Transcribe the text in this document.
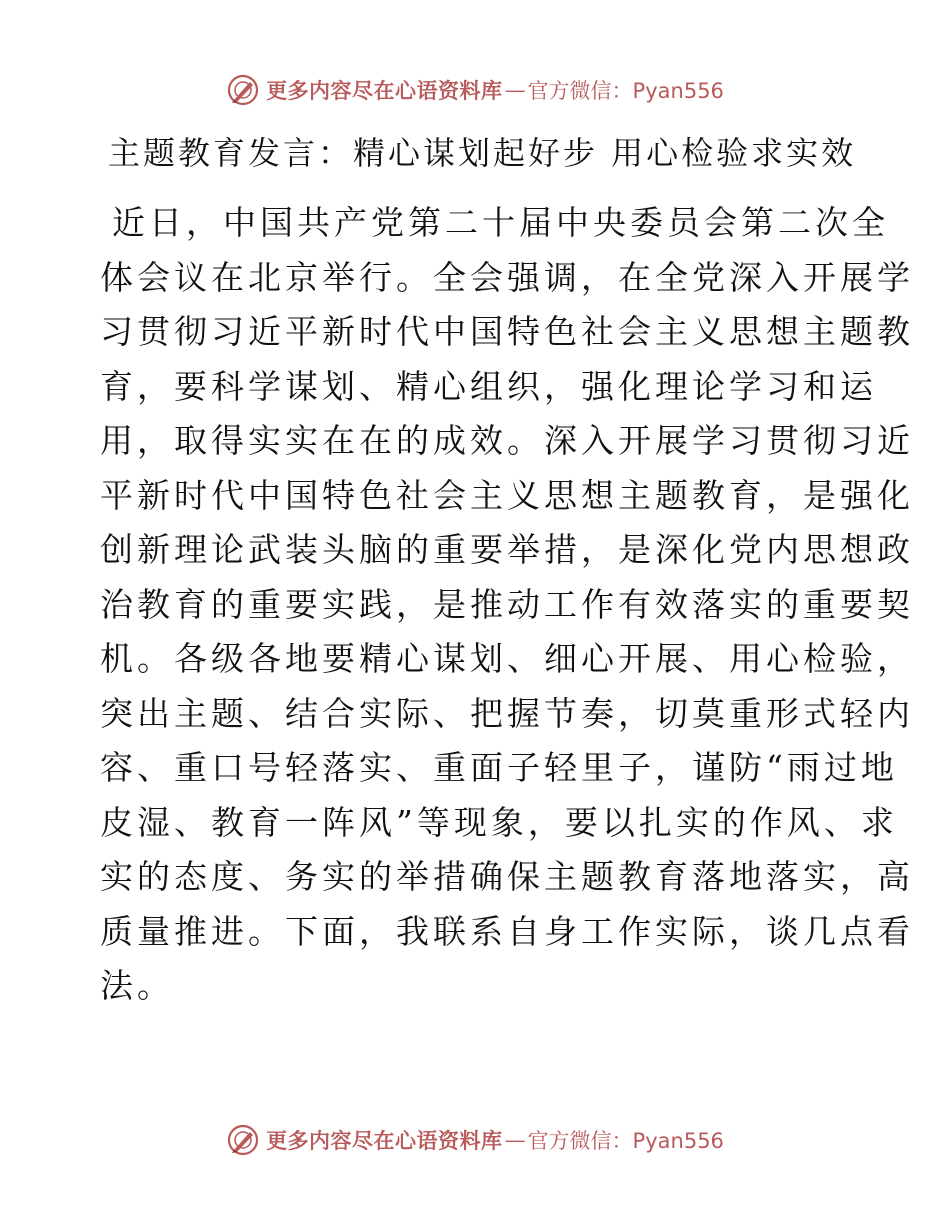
更多内容尽在心语资料库 — 官方微信：Pyan556
主题教育发言：精心谋划起好步 用心检验求实效
近日，中国共产党第二十届中央委员会第二次全
体会议在北京举行。全会强调，在全党深入开展学
习贯彻习近平新时代中国特色社会主义思想主题教
育，要科学谋划、精心组织，强化理论学习和运
用，取得实实在在的成效。深入开展学习贯彻习近
平新时代中国特色社会主义思想主题教育，是强化
创新理论武装头脑的重要举措，是深化党内思想政
治教育的重要实践，是推动工作有效落实的重要契
机。各级各地要精心谋划、细心开展、用心检验，
突出主题、结合实际、把握节奏，切莫重形式轻内
容、重口号轻落实、重面子轻里子，谨防“雨过地
皮湿、教育一阵风”等现象，要以扎实的作风、求
实的态度、务实的举措确保主题教育落地落实，高
质量推进。下面，我联系自身工作实际，谈几点看
法。
更多内容尽在心语资料库 — 官方微信：Pyan556
